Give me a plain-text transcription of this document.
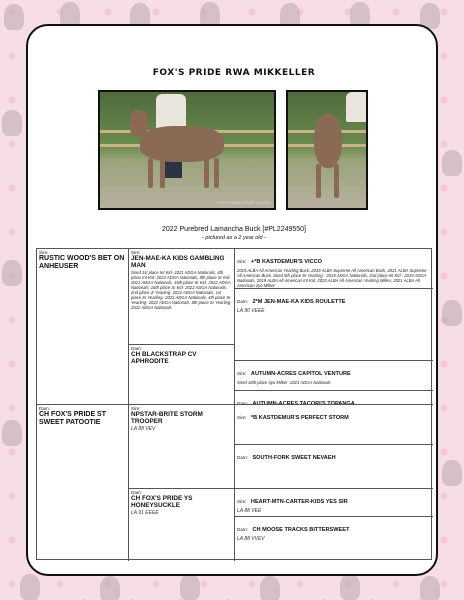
FOX'S PRIDE RWA MIKKELLER
FOX'S PRIDE DAIRY GOATS
2022 Purebred Lamancha Buck [#PL2249550]
- pictured as a 2 year old -
Sire:
RUSTIC WOOD'S BET ON ANHEUSER
Dam:
CH FOX'S PRIDE ST SWEET PATOOTIE
Sire:
JEN-MAE-KA KIDS GAMBLING MAN
Sired 1st place Int Kid- 2021 ADGA Nationals, 4th place Int Kid- 2022 ADGA Nationals, 8th place Sr Kid- 2021 ADGA Nationals, 15th place Sr Kid- 2022 ADGA Nationals, 16th place Sr Kid- 2022 ADGA Nationals, 2nd place Jr Yearling- 2022 ADGA Nationals, 1st place Sr Yearling- 2022 ADGA Nationals, 4th place Sr Yearling- 2022 ADGA Nationals, 8th place Sr Yearling- 2022 ADGA Nationals
Dam:
CH BLACKSTRAP CV APHRODITE
Sire:
NPSTAR-BRITE STORM TROOPER
LA 88 VEV
Dam:
CH FOX'S PRIDE YS HONEYSUCKLE
LA 91 EEEE
Sire: +*B KASTDEMUR'S VICCO
2019 ALBA All American Yearling Buck, 2019 ALBA Supreme All American Buck, 2021 ALBA Supreme All American Buck. Sired 5th place Sr Yearling - 2019 ADGA Nationals, 2nd place Int Kid - 2019 ADGA Nationals, 2019 ALBA All American Int Kid, 2020 ALBA All American Yearling Milker, 2021 ALBA All American 2yo Milker
Dam: 2*M JEN-MAE-KA KIDS ROULETTE
LA 90 VEEE
Sire: AUTUMN-ACRES CAPITOL VENTURE
Sired 18th place 3yo Milker- 2021 ADGA Nationals
Dam: AUTUMN-ACRES TACORI'S TOPANGA
Sire: *B KASTDEMUR'S PERFECT STORM
Dam: SOUTH-FORK SWEET NEVAEH
Sire: HEART-MTN-CARTER-KIDS YES SIR
LA 88 VEE
Dam: CH MOOSE TRACKS BITTERSWEET
LA 88 VVEV
